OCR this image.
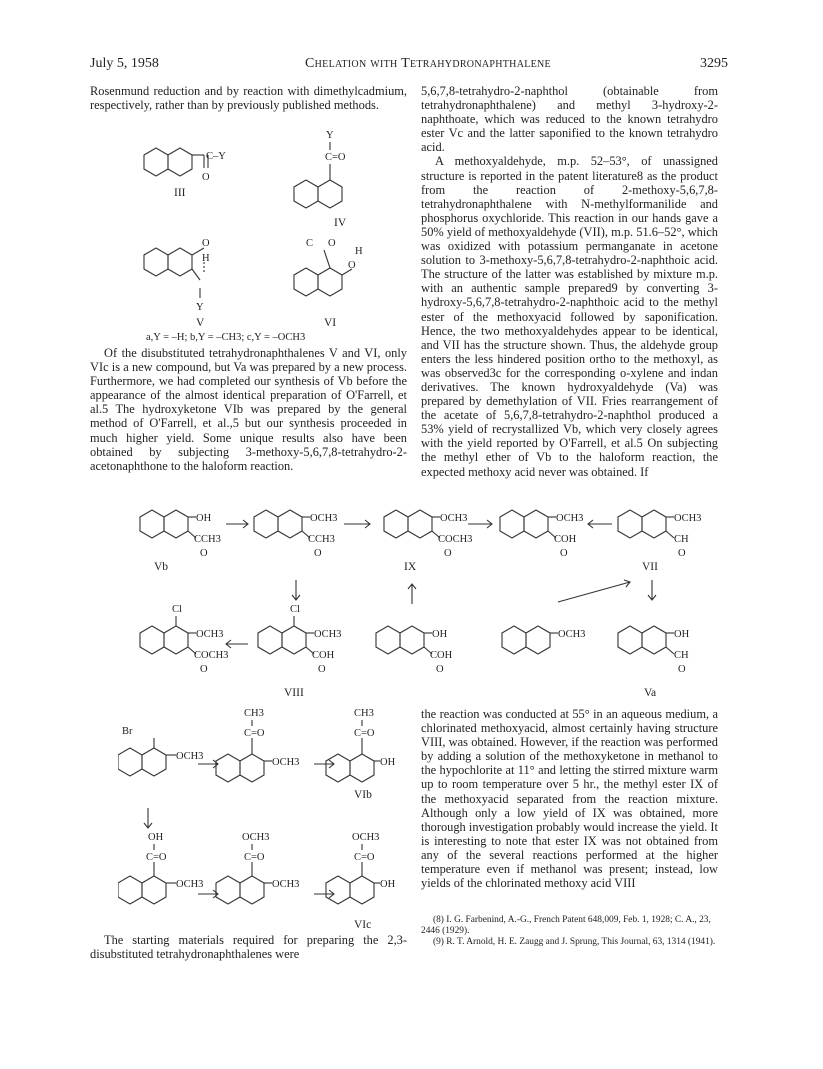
July 5, 1958	Chelation with Tetrahydronaphthalene	3295

Rosenmund reduction and by reaction with dimethylcadmium, respectively, rather than by previously published methods.

C–Y
O
III
Y
C=O
IV
O
H
Y
V
C O
H
O
VI
a,Y = –H; b,Y = –CH3; c,Y = –OCH3

Of the disubstituted tetrahydronaphthalenes V and VI, only VIc is a new compound, but Va was prepared by a new process. Furthermore, we had completed our synthesis of Vb before the appearance of the almost identical preparation of O'Farrell, et al.5 The hydroxyketone VIb was prepared by the general method of O'Farrell, et al.,5 but our synthesis proceeded in much higher yield. Some unique results also have been obtained by subjecting 3-methoxy-5,6,7,8-tetrahydro-2-acetonaphthone to the haloform reaction.

5,6,7,8-tetrahydro-2-naphthol (obtainable from tetrahydronaphthalene) and methyl 3-hydroxy-2-naphthoate, which was reduced to the known tetrahydro ester Vc and the latter saponified to the known tetrahydro acid.

A methoxyaldehyde, m.p. 52–53°, of unassigned structure is reported in the patent literature8 as the product from the reaction of 2-methoxy-5,6,7,8-tetrahydronaphthalene with N-methylformanilide and phosphorus oxychloride. This reaction in our hands gave a 50% yield of methoxyaldehyde (VII), m.p. 51.6–52°, which was oxidized with potassium permanganate in acetone solution to 3-methoxy-5,6,7,8-tetrahydro-2-naphthoic acid. The structure of the latter was established by mixture m.p. with an authentic sample prepared9 by converting 3-hydroxy-5,6,7,8-tetrahydro-2-naphthoic acid to the methyl ester of the methoxyacid followed by saponification. Hence, the two methoxyaldehydes appear to be identical, and VII has the structure shown. Thus, the aldehyde group enters the less hindered position ortho to the methoxyl, as was observed3c for the corresponding o-xylene and indan derivatives. The known hydroxyaldehyde (Va) was prepared by demethylation of VII. Fries rearrangement of the acetate of 5,6,7,8-tetrahydro-2-naphthol produced a 53% yield of recrystallized Vb, which very closely agrees with the yield reported by O'Farrell, et al.5 On subjecting the methyl ether of Vb to the haloform reaction, the expected methoxy acid never was obtained. If

OH
CCH3
O
OCH3
CCH3
O
OCH3
COCH3
O
OCH3
COH
O
OCH3
CH
O
Vb	IX	VII
Cl
OCH3
COCH3
O
Cl
OCH3
COH
O
OH
COH
O
OCH3	OH
CH
O
VIII	Va
Br
OCH3
CH3
C=O
OCH3
CH3
C=O
OH
VIb
OH
C=O
OCH3
OCH3
C=O
OCH3
OCH3
C=O
OH
VIc

The starting materials required for preparing the 2,3-disubstituted tetrahydronaphthalenes were

the reaction was conducted at 55° in an aqueous medium, a chlorinated methoxyacid, almost certainly having structure VIII, was obtained. However, if the reaction was performed by adding a solution of the methoxyketone in methanol to the hypochlorite at 11° and letting the stirred mixture warm up to room temperature over 5 hr., the methyl ester IX of the methoxyacid separated from the reaction mixture. Although only a low yield of IX was obtained, more thorough investigation probably would increase the yield. It is interesting to note that ester IX was not obtained from any of the several reactions performed at the higher temperature even if methanol was present; instead, low yields of the chlorinated methoxy acid VIII

(8) I. G. Farbenind, A.-G., French Patent 648,009, Feb. 1, 1928; C. A., 23, 2446 (1929).

(9) R. T. Arnold, H. E. Zaugg and J. Sprung, This Journal, 63, 1314 (1941).
